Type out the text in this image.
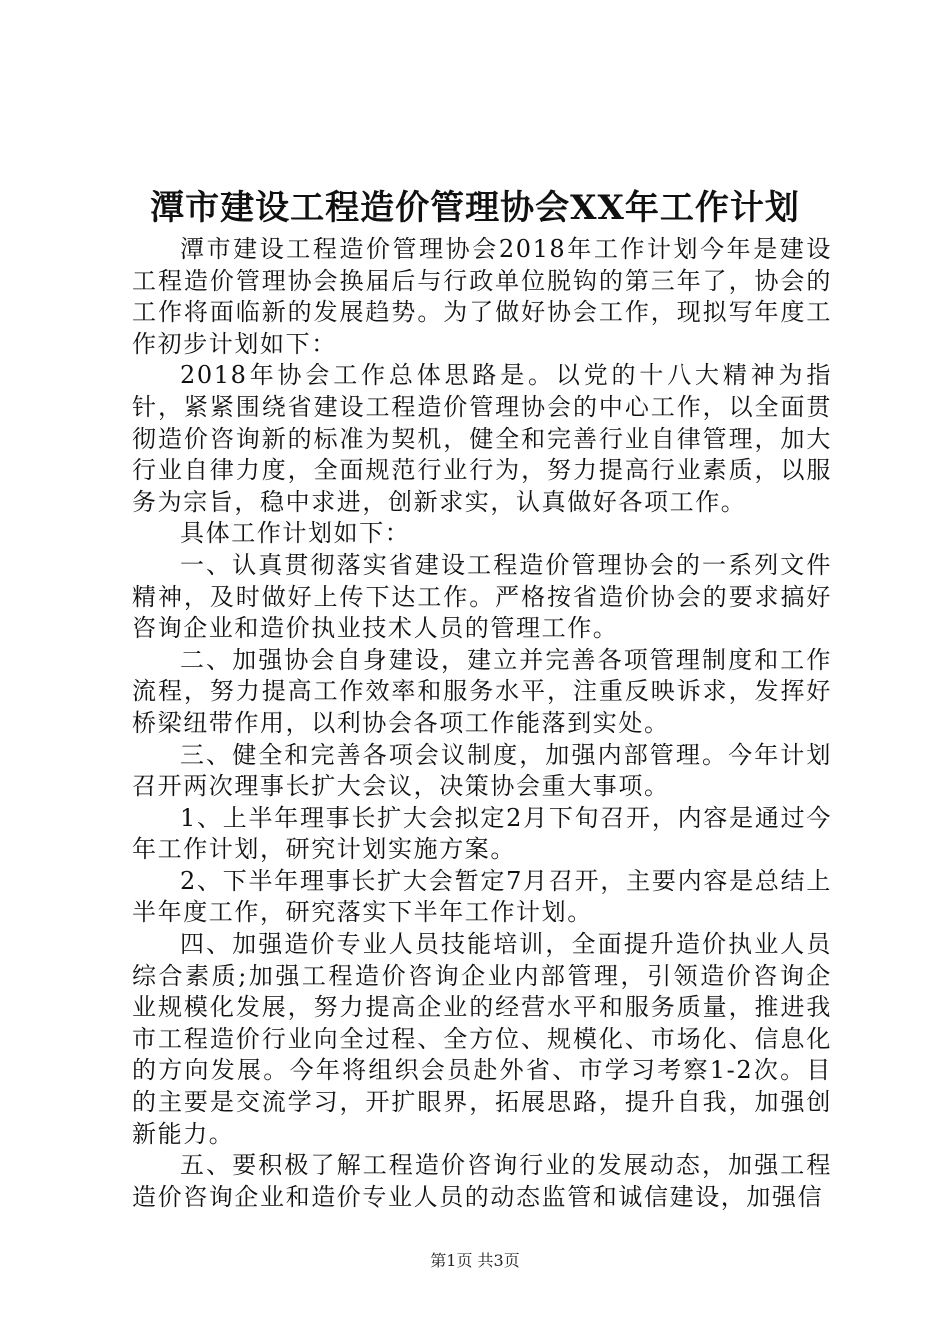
潭市建设工程造价管理协会XX年工作计划

潭市建设工程造价管理协会2018年工作计划今年是建设工程造价管理协会换届后与行政单位脱钩的第三年了，协会的工作将面临新的发展趋势。为了做好协会工作，现拟写年度工作初步计划如下：

2018年协会工作总体思路是。以党的十八大精神为指针，紧紧围绕省建设工程造价管理协会的中心工作，以全面贯彻造价咨询新的标准为契机，健全和完善行业自律管理，加大行业自律力度，全面规范行业行为，努力提高行业素质，以服务为宗旨，稳中求进，创新求实，认真做好各项工作。

具体工作计划如下：

一、认真贯彻落实省建设工程造价管理协会的一系列文件精神，及时做好上传下达工作。严格按省造价协会的要求搞好咨询企业和造价执业技术人员的管理工作。

二、加强协会自身建设，建立并完善各项管理制度和工作流程，努力提高工作效率和服务水平，注重反映诉求，发挥好桥梁纽带作用，以利协会各项工作能落到实处。

三、健全和完善各项会议制度，加强内部管理。今年计划召开两次理事长扩大会议，决策协会重大事项。

1、上半年理事长扩大会拟定2月下旬召开，内容是通过今年工作计划，研究计划实施方案。

2、下半年理事长扩大会暂定7月召开，主要内容是总结上半年度工作，研究落实下半年工作计划。

四、加强造价专业人员技能培训，全面提升造价执业人员综合素质;加强工程造价咨询企业内部管理，引领造价咨询企业规模化发展，努力提高企业的经营水平和服务质量，推进我市工程造价行业向全过程、全方位、规模化、市场化、信息化的方向发展。今年将组织会员赴外省、市学习考察1-2次。目的主要是交流学习，开扩眼界，拓展思路，提升自我，加强创新能力。

五、要积极了解工程造价咨询行业的发展动态，加强工程造价咨询企业和造价专业人员的动态监管和诚信建设，加强信

第1页 共3页
